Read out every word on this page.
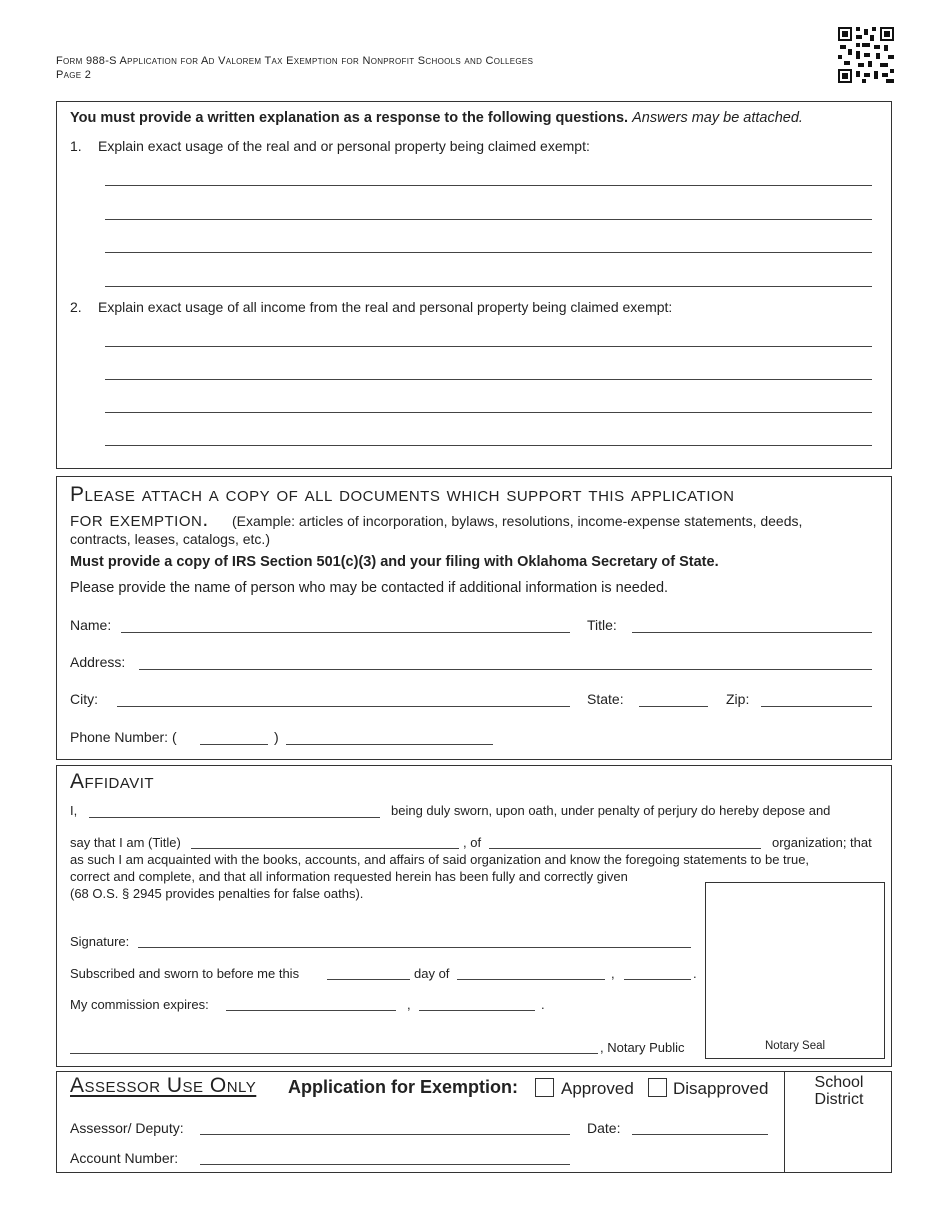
Form 988-S Application for Ad Valorem Tax Exemption for Nonprofit Schools and Colleges
Page 2
You must provide a written explanation as a response to the following questions. Answers may be attached.
1. Explain exact usage of the real and or personal property being claimed exempt:
2. Explain exact usage of all income from the real and personal property being claimed exempt:
Please attach a copy of all documents which support this application
for exemption. (Example: articles of incorporation, bylaws, resolutions, income-expense statements, deeds,
contracts, leases, catalogs, etc.)
Must provide a copy of IRS Section 501(c)(3) and your filing with Oklahoma Secretary of State.
Please provide the name of person who may be contacted if additional information is needed.
Name:	Title:
Address:
City:	State:	Zip:
Phone Number: (	)
Affidavit
I,	being duly sworn, upon oath, under penalty of perjury do hereby depose and
say that I am (Title)	, of	organization; that
as such I am acquainted with the books, accounts, and affairs of said organization and know the foregoing statements to be true,
correct and complete, and that all information requested herein has been fully and correctly given
(68 O.S. § 2945 provides penalties for false oaths).
Notary Seal
Signature:
Subscribed and sworn to before me this	day of	,	.
My commission expires:	,	.
, Notary Public
Assessor Use Only Application for Exemption:	Approved Disapproved	School
District
Assessor/ Deputy:	Date:
Account Number:
